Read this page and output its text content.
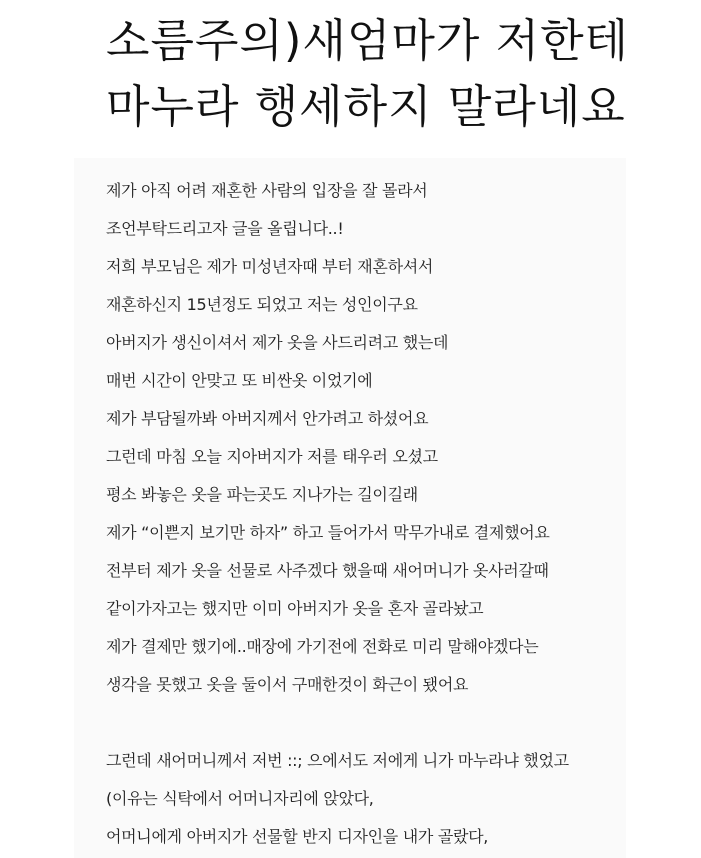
소름주의)새엄마가 저한테
마누라 행세하지 말라네요
제가 아직 어려 재혼한 사람의 입장을 잘 몰라서
조언부탁드리고자 글을 올립니다..!
저희 부모님은 제가 미성년자때 부터 재혼하셔서
재혼하신지 15년정도 되었고 저는 성인이구요
아버지가 생신이셔서 제가 옷을 사드리려고 했는데
매번 시간이 안맞고 또 비싼옷 이었기에
제가 부담될까봐 아버지께서 안가려고 하셨어요
그런데 마침 오늘 지아버지가 저를 태우러 오셨고
평소 봐놓은 옷을 파는곳도 지나가는 길이길래
제가 “이쁜지 보기만 하자” 하고 들어가서 막무가내로 결제했어요
전부터 제가 옷을 선물로 사주겠다 했을때 새어머니가 옷사러갈때
같이가자고는 했지만 이미 아버지가 옷을 혼자 골라놨고
제가 결제만 했기에..매장에 가기전에 전화로 미리 말해야겠다는
생각을 못했고 옷을 둘이서 구매한것이 화근이 됐어요
그런데 새어머니께서 저번 ::; 으에서도 저에게 니가 마누라냐 했었고
(이유는 식탁에서 어머니자리에 앉았다,
어머니에게 아버지가 선물할 반지 디자인을 내가 골랐다,
